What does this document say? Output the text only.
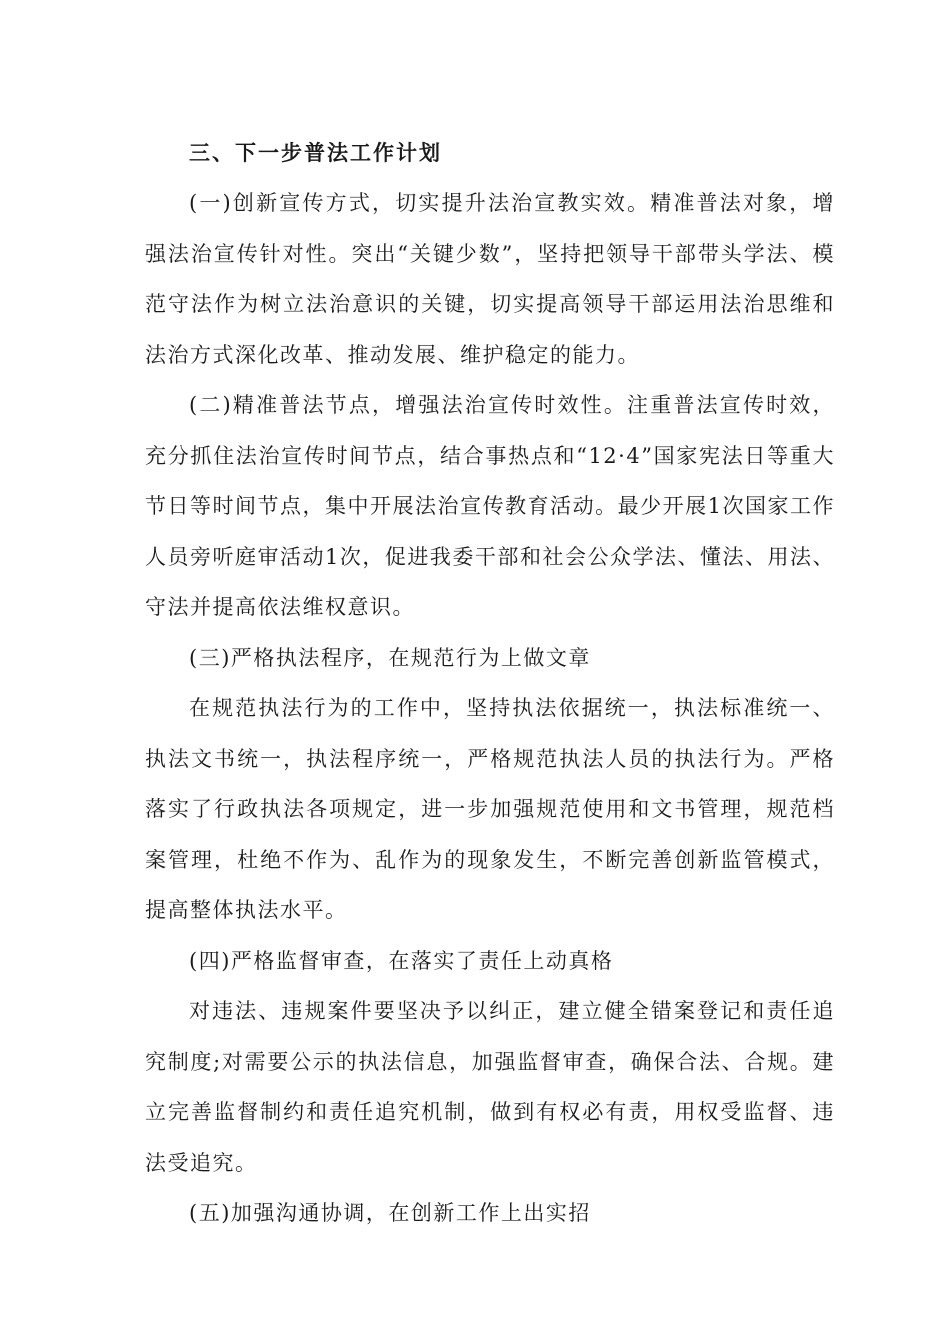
三、下一步普法工作计划

(一)创新宣传方式，切实提升法治宣教实效。精准普法对象，增强法治宣传针对性。突出“关键少数”，坚持把领导干部带头学法、模范守法作为树立法治意识的关键，切实提高领导干部运用法治思维和法治方式深化改革、推动发展、维护稳定的能力。

(二)精准普法节点，增强法治宣传时效性。注重普法宣传时效，充分抓住法治宣传时间节点，结合事热点和“12·4”国家宪法日等重大节日等时间节点，集中开展法治宣传教育活动。最少开展1次国家工作人员旁听庭审活动1次，促进我委干部和社会公众学法、懂法、用法、守法并提高依法维权意识。

(三)严格执法程序，在规范行为上做文章

在规范执法行为的工作中，坚持执法依据统一，执法标准统一、执法文书统一，执法程序统一，严格规范执法人员的执法行为。严格落实了行政执法各项规定，进一步加强规范使用和文书管理，规范档案管理，杜绝不作为、乱作为的现象发生，不断完善创新监管模式，提高整体执法水平。

(四)严格监督审查，在落实了责任上动真格

对违法、违规案件要坚决予以纠正，建立健全错案登记和责任追究制度;对需要公示的执法信息，加强监督审查，确保合法、合规。建立完善监督制约和责任追究机制，做到有权必有责，用权受监督、违法受追究。

(五)加强沟通协调，在创新工作上出实招
